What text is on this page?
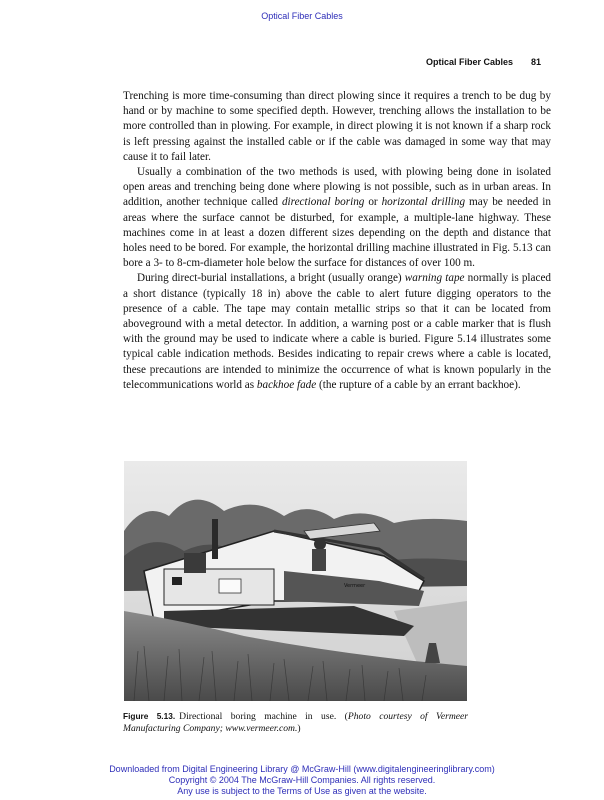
Optical Fiber Cables
Optical Fiber Cables 81

Trenching is more time-consuming than direct plowing since it requires a trench to be dug by hand or by machine to some specified depth. However, trenching allows the installation to be more controlled than in plowing. For example, in direct plowing it is not known if a sharp rock is left pressing against the installed cable or if the cable was damaged in some way that may cause it to fail later.

Usually a combination of the two methods is used, with plowing being done in isolated open areas and trenching being done where plowing is not possible, such as in urban areas. In addition, another technique called directional boring or horizontal drilling may be needed in areas where the surface cannot be disturbed, for example, a multiple-lane highway. These machines come in at least a dozen different sizes depending on the depth and distance that holes need to be bored. For example, the horizontal drilling machine illustrated in Fig. 5.13 can bore a 3- to 8-cm-diameter hole below the surface for distances of over 100 m.

During direct-burial installations, a bright (usually orange) warning tape normally is placed a short distance (typically 18 in) above the cable to alert future digging operators to the presence of a cable. The tape may contain metallic strips so that it can be located from aboveground with a metal detector. In addition, a warning post or a cable marker that is flush with the ground may be used to indicate where a cable is buried. Figure 5.14 illustrates some typical cable indication methods. Besides indicating to repair crews where a cable is located, these precautions are intended to minimize the occurrence of what is known popularly in the telecommunications world as backhoe fade (the rupture of a cable by an errant backhoe).

Vermeer
Figure 5.13. Directional boring machine in use. (Photo courtesy of Vermeer Manufacturing Company; www.vermeer.com.)
Downloaded from Digital Engineering Library @ McGraw-Hill (www.digitalengineeringlibrary.com)
Copyright © 2004 The McGraw-Hill Companies. All rights reserved.
Any use is subject to the Terms of Use as given at the website.
